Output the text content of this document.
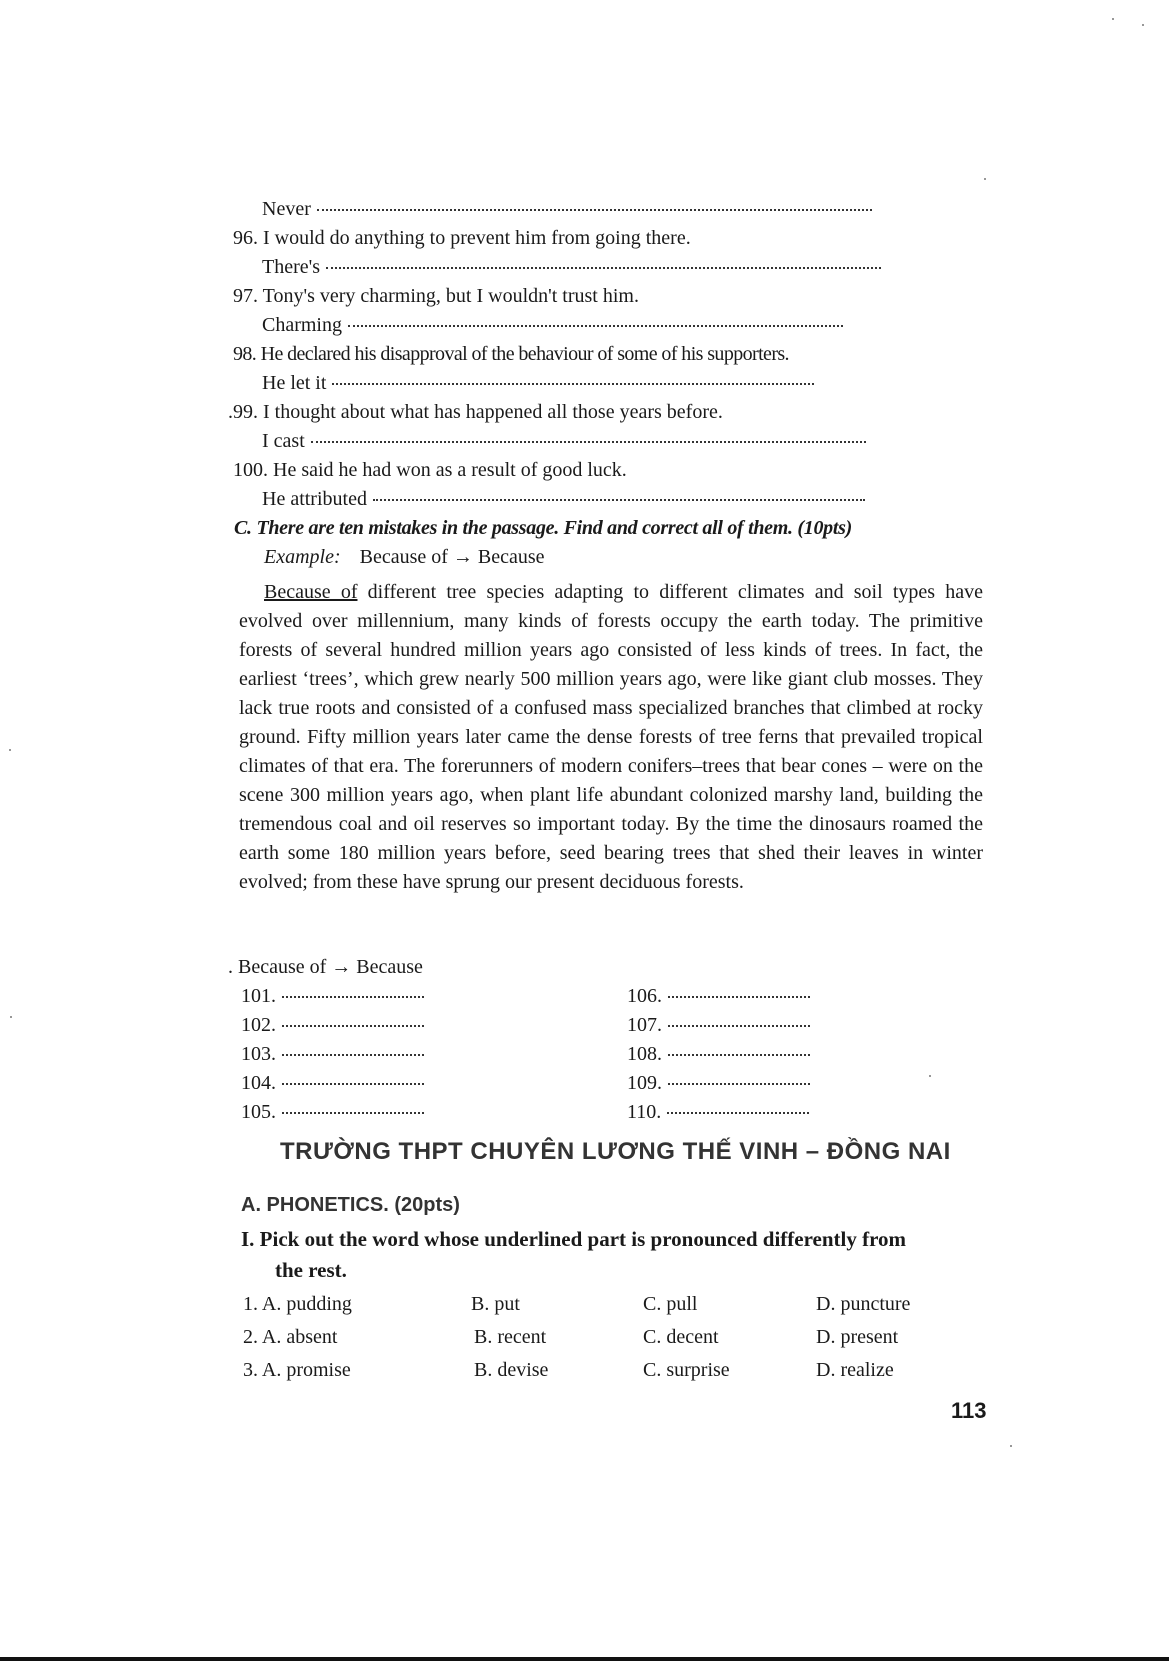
Never
96. I would do anything to prevent him from going there.
There's
97. Tony's very charming, but I wouldn't trust him.
Charming
98. He declared his disapproval of the behaviour of some of his supporters.
He let it
.99. I thought about what has happened all those years before.
I cast
100. He said he had won as a result of good luck.
He attributed
C. There are ten mistakes in the passage. Find and correct all of them. (10pts)
Example: Because of → Because
Because of different tree species adapting to different climates and soil types have evolved over millennium, many kinds of forests occupy the earth today. The primitive forests of several hundred million years ago consisted of less kinds of trees. In fact, the earliest ‘trees’, which grew nearly 500 million years ago, were like giant club mosses. They lack true roots and consisted of a confused mass specialized branches that climbed at rocky ground. Fifty million years later came the dense forests of tree ferns that prevailed tropical climates of that era. The forerunners of modern conifers–trees that bear cones – were on the scene 300 million years ago, when plant life abundant colonized marshy land, building the tremendous coal and oil reserves so important today. By the time the dinosaurs roamed the earth some 180 million years before, seed bearing trees that shed their leaves in winter evolved; from these have sprung our present deciduous forests.
. Because of → Because
101.
102.
103.
104.
105.
106.
107.
108.
109.
110.
TRƯỜNG THPT CHUYÊN LƯƠNG THẾ VINH – ĐỒNG NAI
A. PHONETICS. (20pts)
I. Pick out the word whose underlined part is pronounced differently from
the rest.
1. A. pudding	B. put	C. pull	D. puncture
2. A. absent	B. recent	C. decent	D. present
3. A. promise	B. devise	C. surprise	D. realize
113
